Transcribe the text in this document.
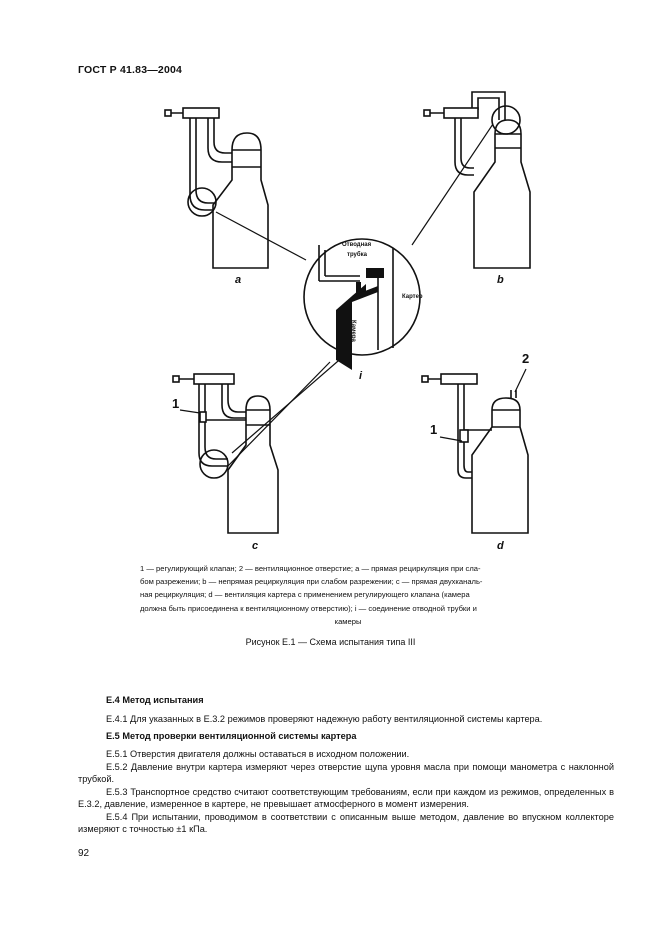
ГОСТ Р 41.83—2004
a	b
c	d
i
1
1
2
Отводная
трубка
Картер
Камера

1 — регулирующий клапан; 2 — вентиляционное отверстие; a — прямая рециркуляция при сла-

бом разрежении; b — непрямая рециркуляция при слабом разрежении; c — прямая двухканаль-

ная рециркуляция; d — вентиляция картера с применением регулирующего клапана (камера

должна быть присоединена к вентиляционному отверстию); i — соединение отводной трубки и

камеры

Рисунок Е.1 — Схема испытания типа III
Е.4 Метод испытания

Е.4.1 Для указанных в Е.3.2 режимов проверяют надежную работу вентиляционной системы картера.

Е.5 Метод проверки вентиляционной системы картера

Е.5.1 Отверстия двигателя должны оставаться в исходном положении.

Е.5.2 Давление внутри картера измеряют через отверстие щупа уровня масла при помощи манометра с наклонной трубкой.

Е.5.3 Транспортное средство считают соответствующим требованиям, если при каждом из режимов, определенных в Е.3.2, давление, измеренное в картере, не превышает атмосферного в момент измерения.

Е.5.4 При испытании, проводимом в соответствии с описанным выше методом, давление во впускном коллекторе измеряют с точностью ±1 кПа.

92
